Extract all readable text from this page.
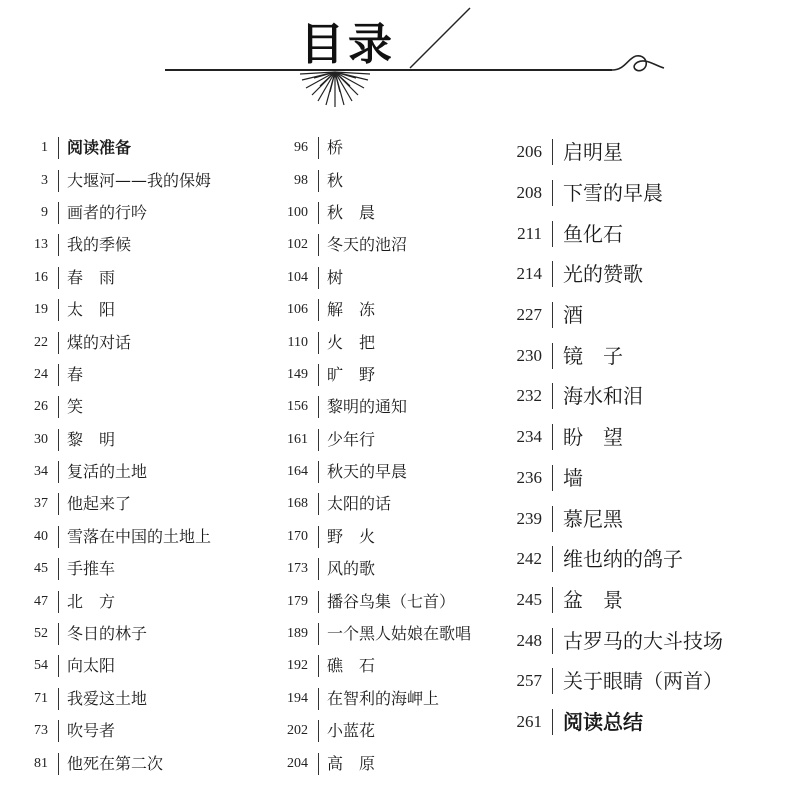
目录
1	阅读准备
3	大堰河——我的保姆
9	画者的行吟
13	我的季候
16	春　雨
19	太　阳
22	煤的对话
24	春
26	笑
30	黎　明
34	复活的土地
37	他起来了
40	雪落在中国的土地上
45	手推车
47	北　方
52	冬日的林子
54	向太阳
71	我爱这土地
73	吹号者
81	他死在第二次
96	桥
98	秋
100	秋　晨
102	冬天的池沼
104	树
106	解　冻
110	火　把
149	旷　野
156	黎明的通知
161	少年行
164	秋天的早晨
168	太阳的话
170	野　火
173	风的歌
179	播谷鸟集（七首）
189	一个黑人姑娘在歌唱
192	礁　石
194	在智利的海岬上
202	小蓝花
204	高　原
206	启明星
208	下雪的早晨
211	鱼化石
214	光的赞歌
227	酒
230	镜　子
232	海水和泪
234	盼　望
236	墙
239	慕尼黑
242	维也纳的鸽子
245	盆　景
248	古罗马的大斗技场
257	关于眼睛（两首）
261	阅读总结
